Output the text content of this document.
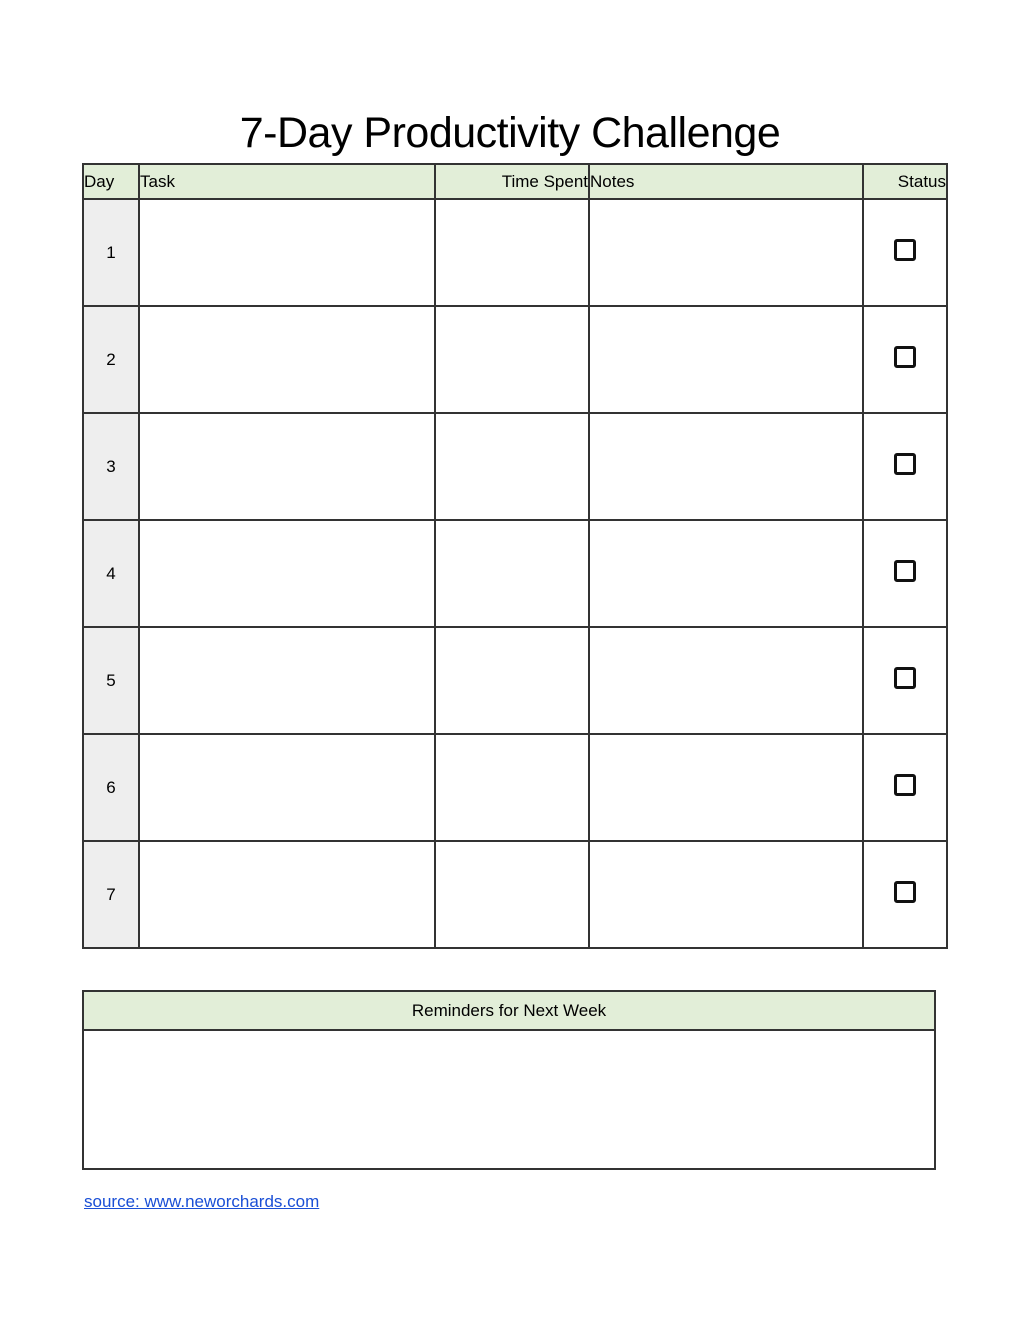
7-Day Productivity Challenge
Day	Task	Time Spent	Notes	Status
1				
2				
3				
4				
5				
6				
7				
Reminders for Next Week

source: www.neworchards.com
